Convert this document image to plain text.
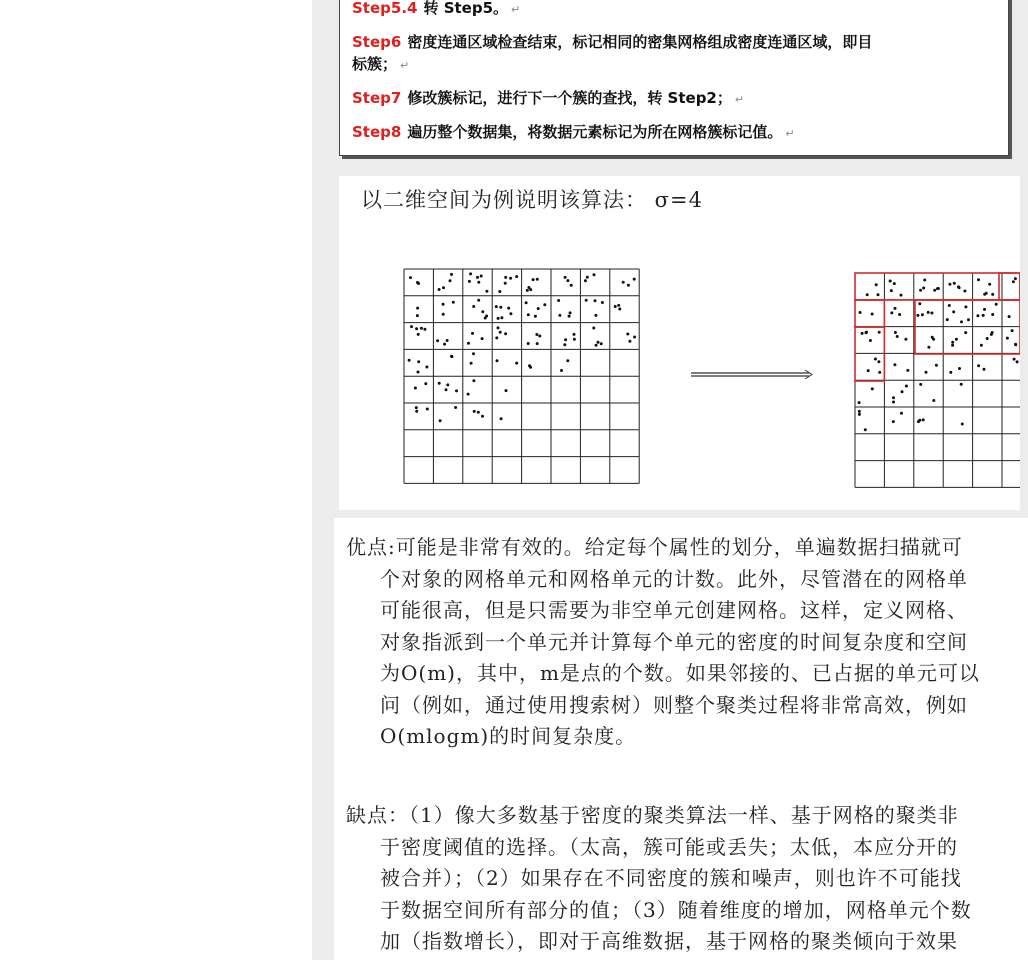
Step5.4 转 Step5。 ↵
Step6 密度连通区域检查结束，标记相同的密集网格组成密度连通区域，即目
标簇； ↵
Step7 修改簇标记，进行下一个簇的查找，转 Step2； ↵
Step8 遍历整个数据集，将数据元素标记为所在网格簇标记值。 ↵
以二维空间为例说明该算法： σ=4
优点:可能是非常有效的。给定每个属性的划分，单遍数据扫描就可
个对象的网格单元和网格单元的计数。此外，尽管潜在的网格单
可能很高，但是只需要为非空单元创建网格。这样，定义网格、
对象指派到一个单元并计算每个单元的密度的时间复杂度和空间
为O(m)，其中，m是点的个数。如果邻接的、已占据的单元可以
问（例如，通过使用搜索树）则整个聚类过程将非常高效，例如
O(mlogm)的时间复杂度。
缺点：（1）像大多数基于密度的聚类算法一样、基于网格的聚类非
于密度阈值的选择。（太高，簇可能或丢失；太低，本应分开的
被合并）；（2）如果存在不同密度的簇和噪声，则也许不可能找
于数据空间所有部分的值；（3）随着维度的增加，网格单元个数
加（指数增长），即对于高维数据，基于网格的聚类倾向于效果
